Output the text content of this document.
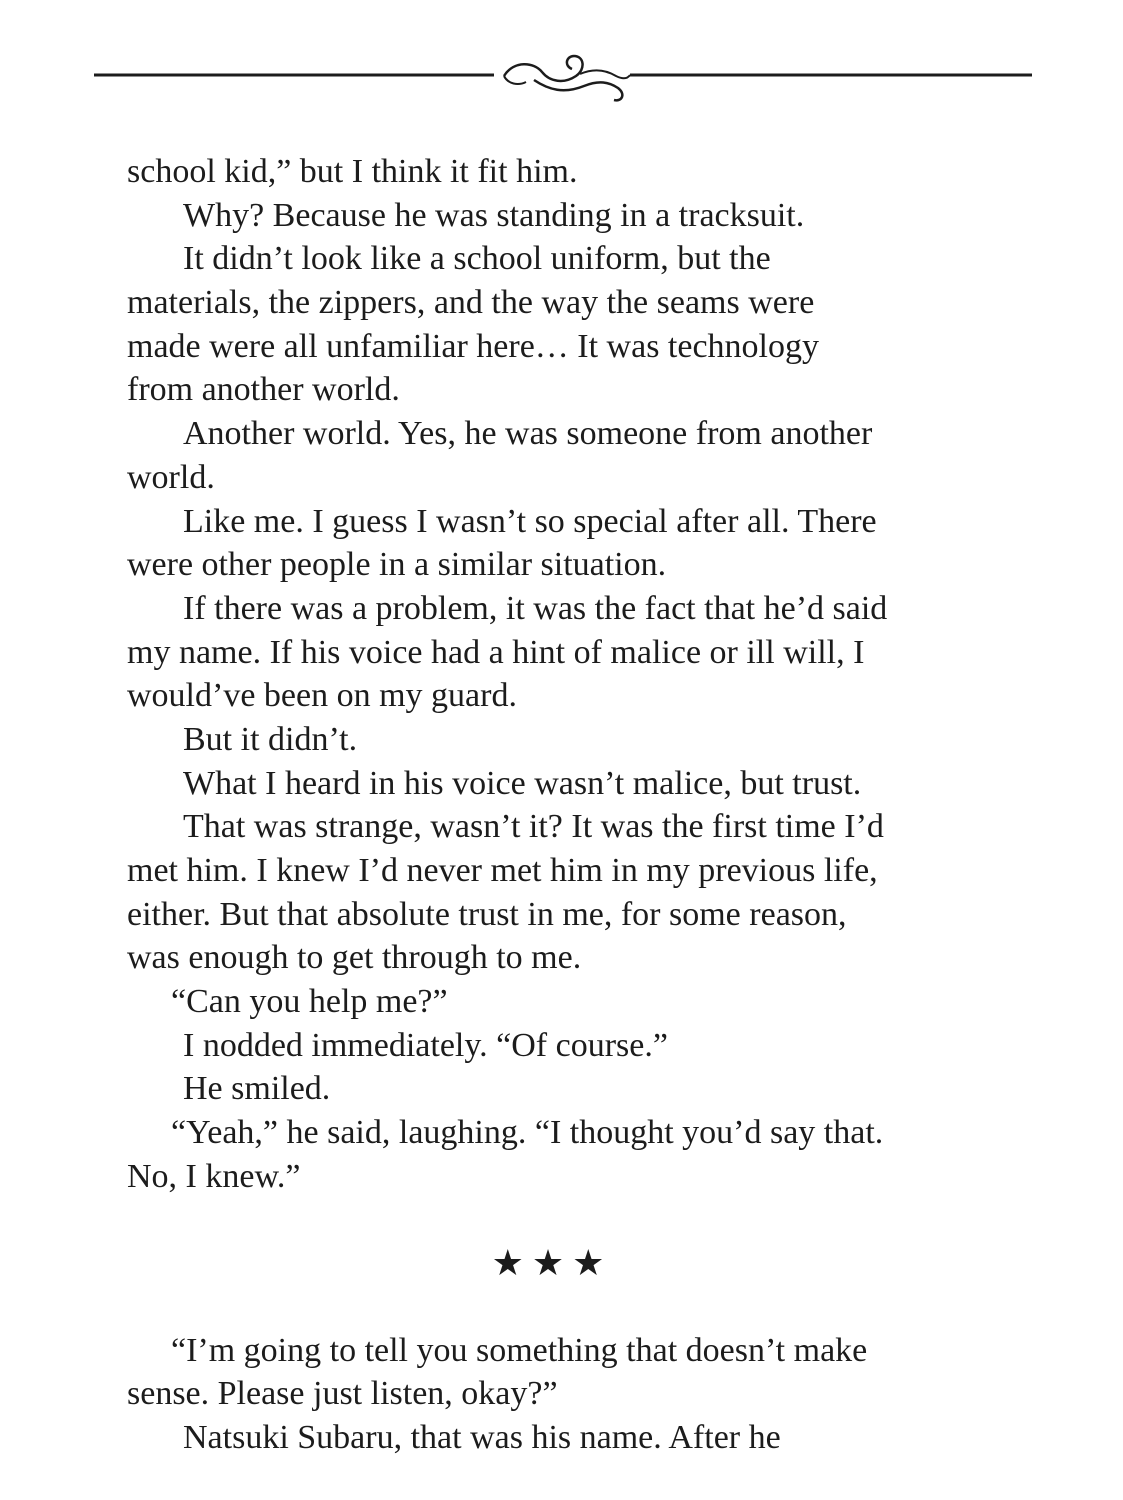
school kid,” but I think it fit him.
Why? Because he was standing in a tracksuit.
It didn’t look like a school uniform, but the
materials, the zippers, and the way the seams were
made were all unfamiliar here… It was technology
from another world.
Another world. Yes, he was someone from another
world.
Like me. I guess I wasn’t so special after all. There
were other people in a similar situation.
If there was a problem, it was the fact that he’d said
my name. If his voice had a hint of malice or ill will, I
would’ve been on my guard.
But it didn’t.
What I heard in his voice wasn’t malice, but trust.
That was strange, wasn’t it? It was the first time I’d
met him. I knew I’d never met him in my previous life,
either. But that absolute trust in me, for some reason,
was enough to get through to me.
“Can you help me?”
I nodded immediately. “Of course.”
He smiled.
“Yeah,” he said, laughing. “I thought you’d say that.
No, I knew.”
★★★
“I’m going to tell you something that doesn’t make
sense. Please just listen, okay?”
Natsuki Subaru, that was his name. After he
